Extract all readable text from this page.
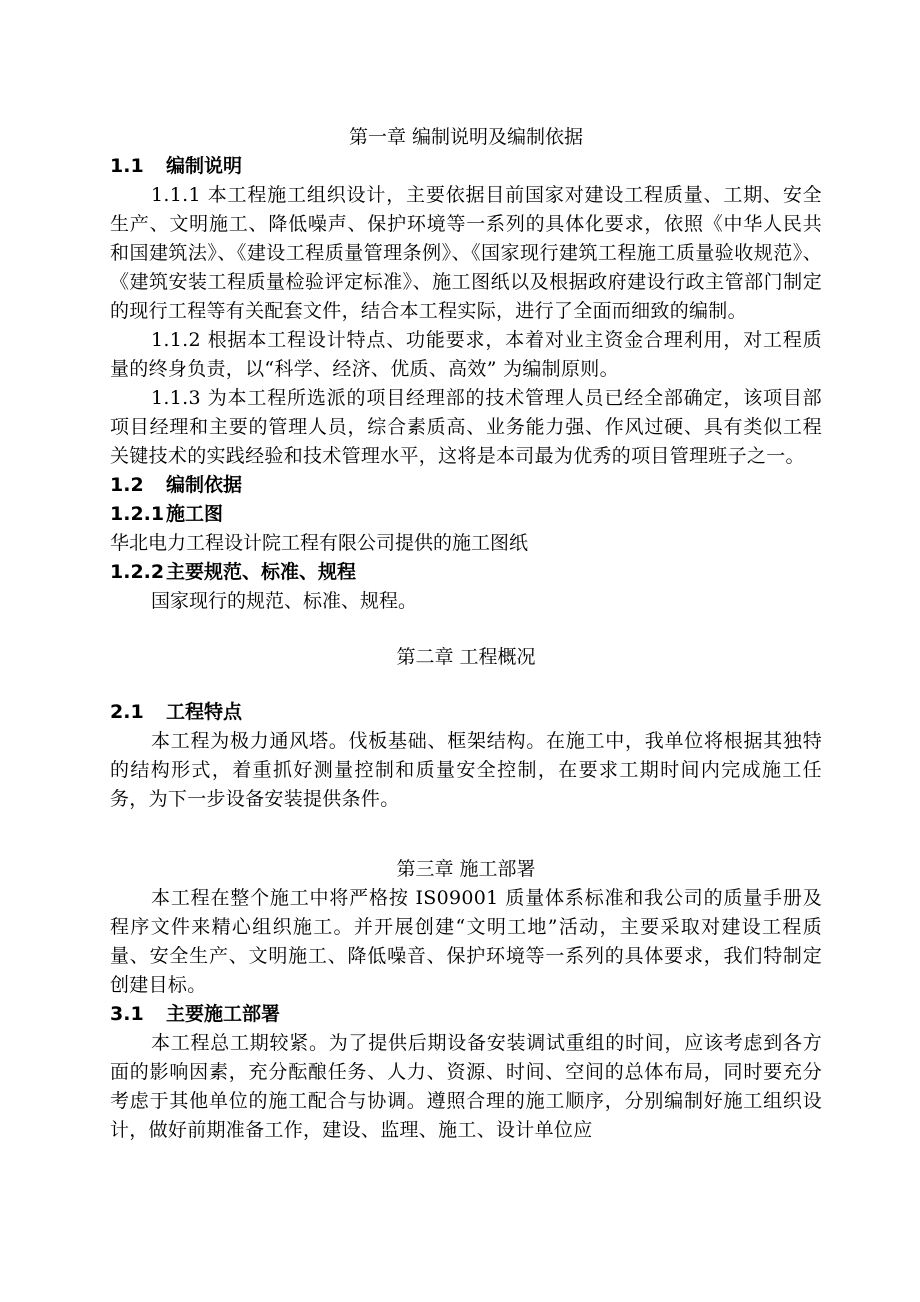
第一章 编制说明及编制依据
1.1 编制说明

1.1.1 本工程施工组织设计，主要依据目前国家对建设工程质量、工期、安全生产、文明施工、降低噪声、保护环境等一系列的具体化要求，依照《中华人民共和国建筑法》、《建设工程质量管理条例》、《国家现行建筑工程施工质量验收规范》、《建筑安装工程质量检验评定标准》、施工图纸以及根据政府建设行政主管部门制定的现行工程等有关配套文件，结合本工程实际，进行了全面而细致的编制。

1.1.2 根据本工程设计特点、功能要求，本着对业主资金合理利用，对工程质量的终身负责，以“科学、经济、优质、高效” 为编制原则。

1.1.3 为本工程所选派的项目经理部的技术管理人员已经全部确定，该项目部项目经理和主要的管理人员，综合素质高、业务能力强、作风过硬、具有类似工程关键技术的实践经验和技术管理水平，这将是本司最为优秀的项目管理班子之一。

1.2 编制依据
1.2.1施工图

华北电力工程设计院工程有限公司提供的施工图纸

1.2.2主要规范、标准、规程

国家现行的规范、标准、规程。

第二章 工程概况
2.1 工程特点

本工程为极力通风塔。伐板基础、框架结构。在施工中，我单位将根据其独特的结构形式，着重抓好测量控制和质量安全控制，在要求工期时间内完成施工任务，为下一步设备安装提供条件。

第三章 施工部署

本工程在整个施工中将严格按 IS09001 质量体系标准和我公司的质量手册及程序文件来精心组织施工。并开展创建“文明工地”活动，主要采取对建设工程质量、安全生产、文明施工、降低噪音、保护环境等一系列的具体要求，我们特制定创建目标。

3.1 主要施工部署

本工程总工期较紧。为了提供后期设备安装调试重组的时间，应该考虑到各方面的影响因素，充分酝酿任务、人力、资源、时间、空间的总体布局，同时要充分考虑于其他单位的施工配合与协调。遵照合理的施工顺序，分别编制好施工组织设计，做好前期准备工作，建设、监理、施工、设计单位应
